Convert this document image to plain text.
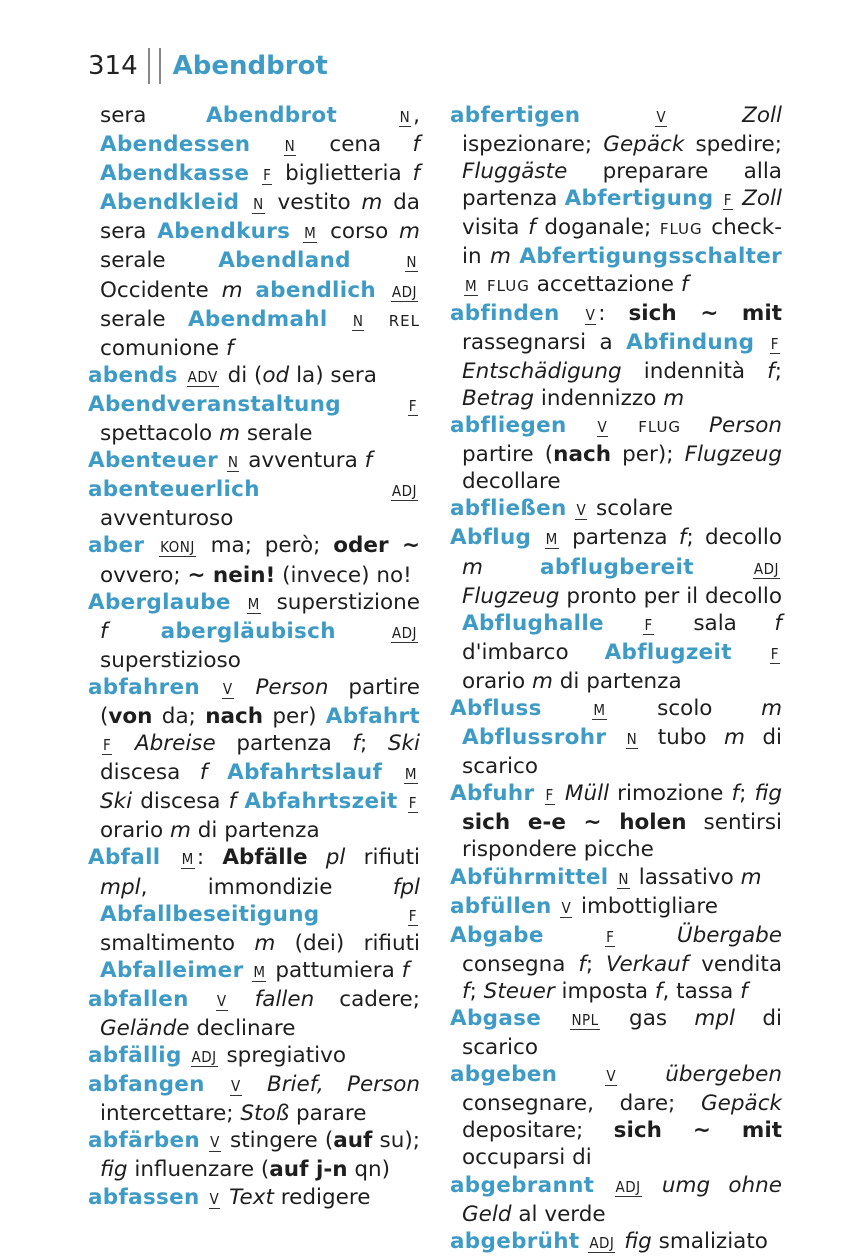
314 Abendbrot
sera Abendbrot	N , Abendessen N cena f Abendkasse F biglietteria f Abendkleid N vestito m da sera Abendkurs M corso m serale Abendland	N Occidente m abendlich ADJ serale Abendmahl N REL comunione f
abends ADV di (od la) sera
Abendveranstaltung	F spettacolo m serale
Abenteuer N avventura f
abenteuerlich	ADJ avventuroso
aber KONJ ma; però; oder ~ ovvero; ~ nein! (invece) no!
Aberglaube M superstizione f abergläubisch	ADJ superstizioso
abfahren V Person partire (von da; nach per) Abfahrt F Abreise partenza f; Ski discesa f Abfahrtslauf M Ski discesa f Abfahrtszeit F orario m di partenza
Abfall M : Abfälle pl rifiuti mpl, immondizie	fpl Abfallbeseitigung	F smaltimento m (dei) rifiuti Abfalleimer M pattumiera f
abfallen V fallen cadere; Gelände declinare
abfällig ADJ spregiativo
abfangen V Brief, Person intercettare; Stoß parare
abfärben V stingere (auf su); fig influenzare (auf j-n qn)
abfassen V Text redigere
abfertigen	V	Zoll ispezionare; Gepäck spedire; Fluggäste preparare alla partenza Abfertigung F Zoll visita f doganale; FLUG check-in m Abfertigungsschalter M FLUG accettazione f
abfinden V : sich ~ mit rassegnarsi a Abfindung F Entschädigung indennità f; Betrag indennizzo m
abfliegen V FLUG Person partire (nach per); Flugzeug decollare
abfließen V scolare
Abflug M partenza f; decollo m	abflugbereit	ADJ Flugzeug pronto per il decollo Abflughalle	F sala f d'imbarco Abflugzeit	F orario m di partenza
Abfluss	M scolo m Abflussrohr N tubo m di scarico
Abfuhr F Müll rimozione f; fig sich e-e ~ holen sentirsi rispondere picche
Abführmittel N lassativo m
abfüllen V imbottigliare
Abgabe	F	Übergabe consegna f; Verkauf vendita f; Steuer imposta f, tassa f
Abgase NPL gas mpl di scarico
abgeben	V übergeben consegnare, dare; Gepäck depositare; sich ~ mit occuparsi di
abgebrannt ADJ umg ohne Geld al verde
abgebrüht ADJ fig smaliziato
